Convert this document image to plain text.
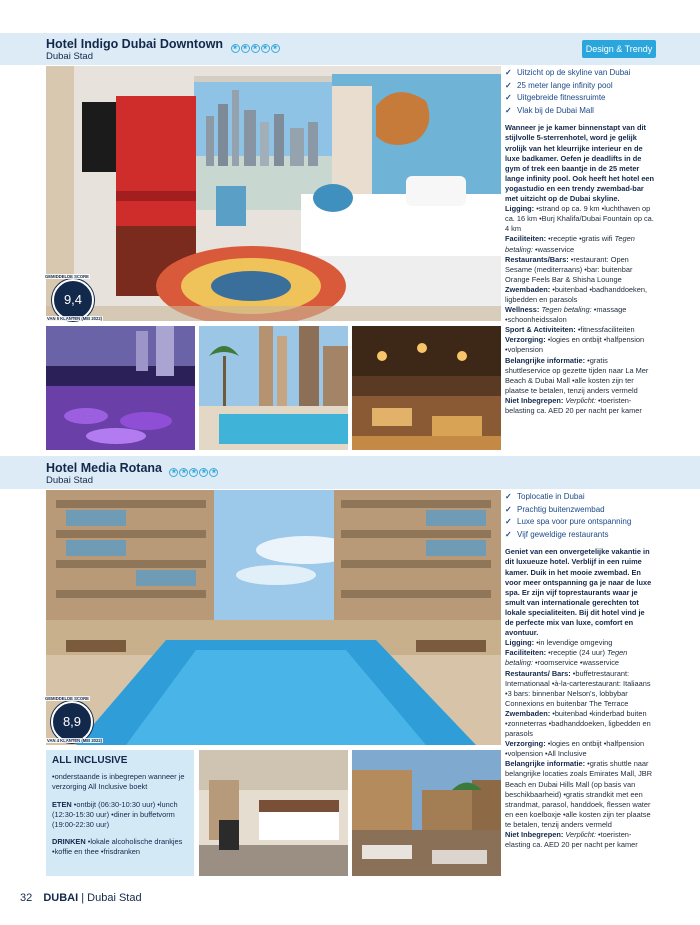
Hotel Indigo Dubai Downtown ★ ★ ★ ★ ★
Dubai Stad
Design & Trendy
9,4
GEMIDDELDE SCORE
VAN 5 KLANTEN (MEI 2022)
✓ Uitzicht op de skyline van Dubai
✓ 25 meter lange infinity pool
✓ Uitgebreide fitnessruimte
✓ Vlak bij de Dubai Mall

Wanneer je je kamer binnenstapt van dit stijlvolle 5-sterrenhotel, word je gelijk vrolijk van het kleurrijke interieur en de luxe badkamer. Oefen je deadlifts in de gym of trek een baantje in de 25 meter lange infinity pool. Ook heeft het hotel een yogastudio en een trendy zwembad-bar met uitzicht op de Dubai skyline.

Ligging: •strand op ca. 9 km •luchthaven op ca. 16 km •Burj Khalifa/Dubai Fountain op ca. 4 km

Faciliteiten: •receptie •gratis wifi Tegen betaling: •wasservice

Restaurants/Bars: •restaurant: Open Sesame (mediterraans) •bar: buitenbar Orange Feels Bar & Shisha Lounge

Zwembaden: •buitenbad •badhanddoeken, ligbedden en parasols

Wellness: Tegen betaling: •massage •schoonheidssalon

Sport & Activiteiten: •fitnessfaciliteiten

Verzorging: •logies en ontbijt •halfpension •volpension

Belangrijke informatie: •gratis shuttleservice op gezette tijden naar La Mer Beach & Dubai Mall •alle kosten zijn ter plaatse te betalen, tenzij anders vermeld

Niet Inbegrepen: Verplicht: •toeristen-belasting ca. AED 20 per nacht per kamer

Hotel Media Rotana ★ ★ ★ ★ ★
Dubai Stad
8,9
GEMIDDELDE SCORE
VAN 4 KLANTEN (MEI 2022)
ALL INCLUSIVE

•onderstaande is inbegrepen wanneer je verzorging All Inclusive boekt

ETEN •ontbijt (06:30-10:30 uur) •lunch (12:30-15:30 uur) •diner in buffetvorm (19:00-22:30 uur)

DRINKEN •lokale alcoholische drankjes •koffie en thee •frisdranken

✓ Toplocatie in Dubai
✓ Prachtig buitenzwembad
✓ Luxe spa voor pure ontspanning
✓ Vijf geweldige restaurants

Geniet van een onvergetelijke vakantie in dit luxueuze hotel. Verblijf in een ruime kamer. Duik in het mooie zwembad. En voor meer ontspanning ga je naar de luxe spa. Er zijn vijf toprestaurants waar je smult van internationale gerechten tot lokale specialiteiten. Bij dit hotel vind je de perfecte mix van luxe, comfort en avontuur.

Ligging: •in levendige omgeving

Faciliteiten: •receptie (24 uur) Tegen betaling: •roomservice •wasservice Restaurants/ Bars: •buffetrestaurant: Internationaal •à-la-carterestaurant: Italiaans •3 bars: binnenbar Nelson's, lobbybar Connexions en buitenbar The Terrace Zwembaden: •buitenbad •kinderbad buiten •zonneterras •badhanddoeken, ligbedden en parasols

Verzorging: •logies en ontbijt •halfpension •volpension •All Inclusive

Belangrijke informatie: •gratis shuttle naar belangrijke locaties zoals Emirates Mall, JBR Beach en Dubai Hills Mall (op basis van beschikbaarheid) •gratis strandkit met een strandmat, parasol, handdoek, flessen water en een koelboxje •alle kosten zijn ter plaatse te betalen, tenzij anders vermeld

Niet Inbegrepen: Verplicht: •toeristen-elasting ca. AED 20 per nacht per kamer

32 DUBAI | Dubai Stad
